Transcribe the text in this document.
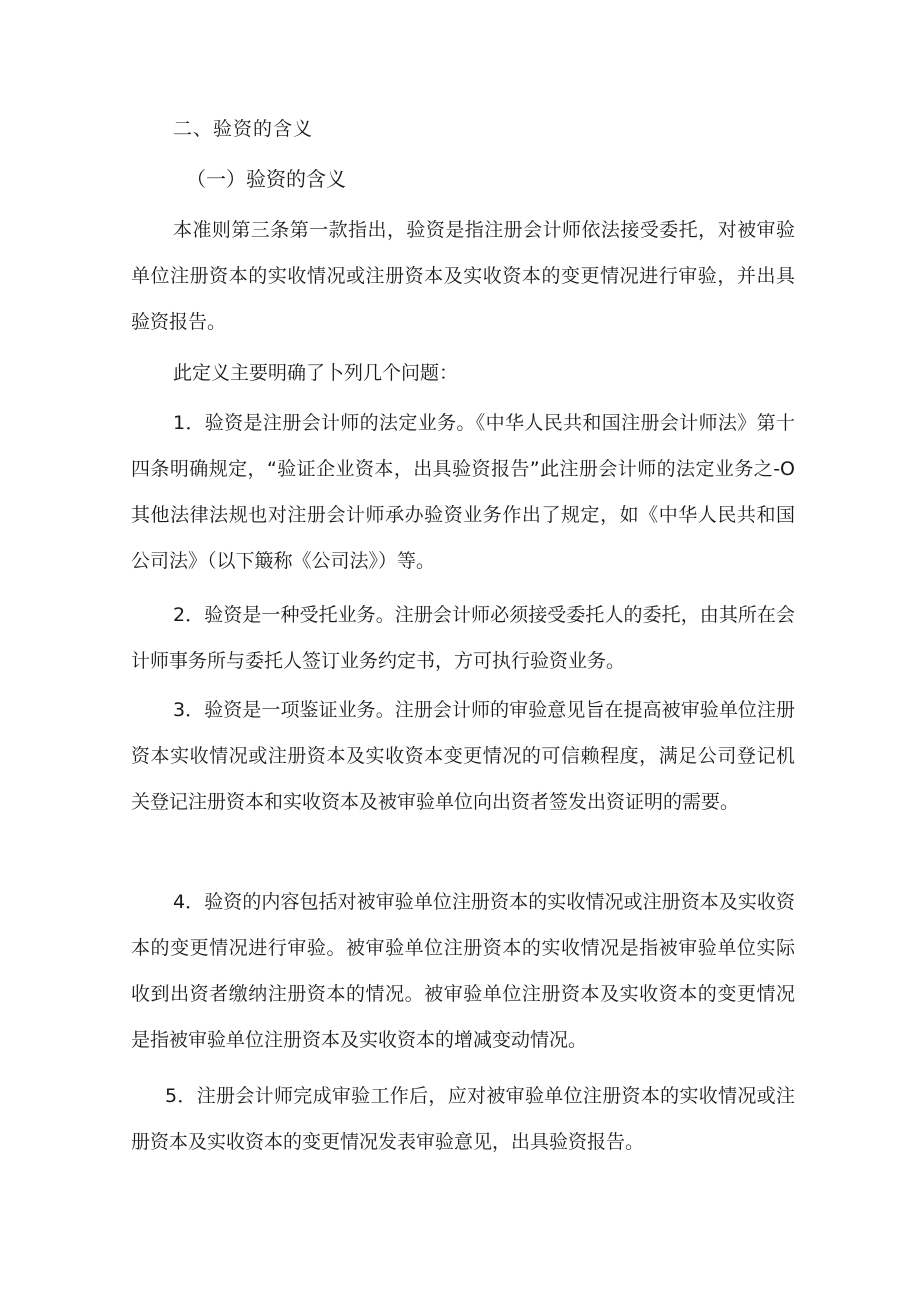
二、验资的含义
（一）验资的含义

本准则第三条第一款指出，验资是指注册会计师依法接受委托，对被审验单位注册资本的实收情况或注册资本及实收资本的变更情况进行审验，并出具验资报告。

此定义主要明确了卜列几个问题：

1．验资是注册会计师的法定业务。《中华人民共和国注册会计师法》第十四条明确规定，“验证企业资本，出具验资报告”此注册会计师的法定业务之-O其他法律法规也对注册会计师承办验资业务作出了规定，如《中华人民共和国公司法》（以下簸称《公司法》）等。

2．验资是一种受托业务。注册会计师必须接受委托人的委托，由其所在会计师事务所与委托人签订业务约定书，方可执行验资业务。

3．验资是一项鉴证业务。注册会计师的审验意见旨在提高被审验单位注册资本实收情况或注册资本及实收资本变更情况的可信赖程度，满足公司登记机关登记注册资本和实收资本及被审验单位向出资者签发出资证明的需要。

4．验资的内容包括对被审验单位注册资本的实收情况或注册资本及实收资本的变更情况进行审验。被审验单位注册资本的实收情况是指被审验单位实际收到出资者缴纳注册资本的情况。被审验单位注册资本及实收资本的变更情况是指被审验单位注册资本及实收资本的增减变动情况。

5．注册会计师完成审验工作后，应对被审验单位注册资本的实收情况或注册资本及实收资本的变更情况发表审验意见，出具验资报告。
